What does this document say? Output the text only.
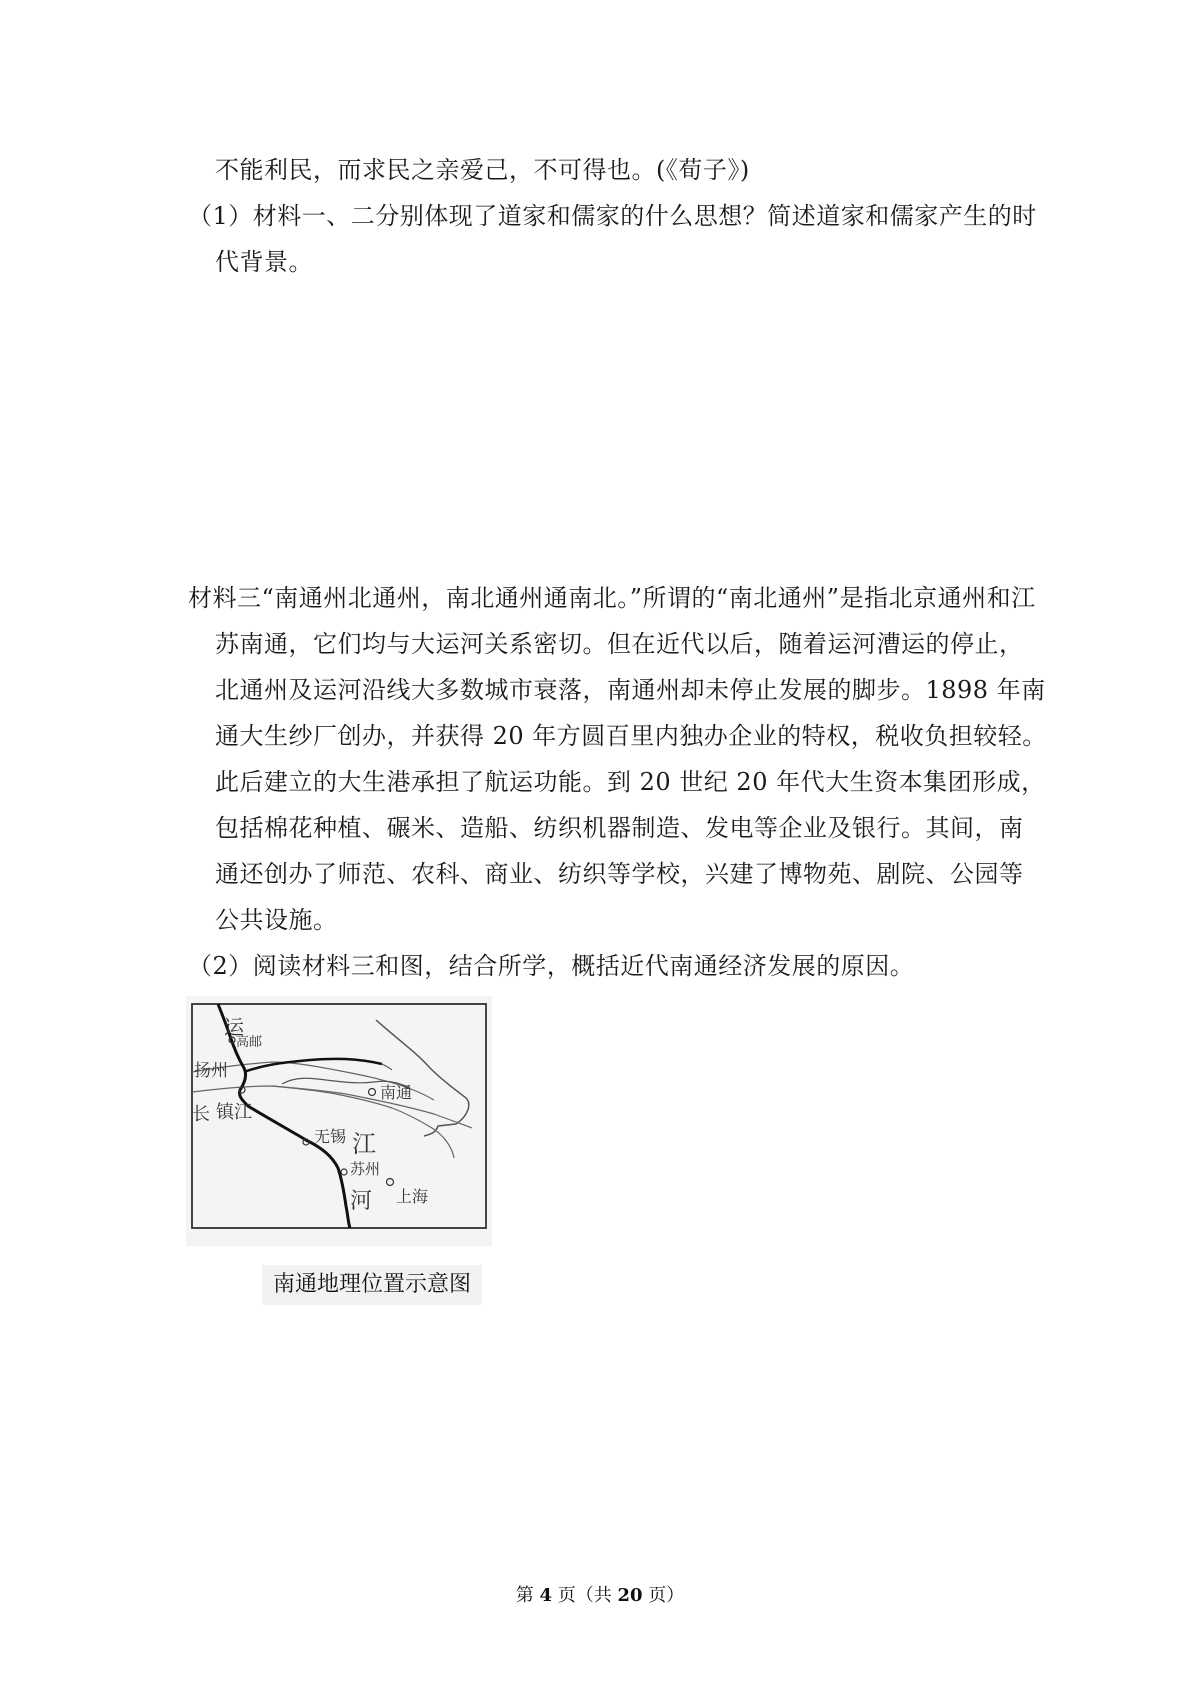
不能利民，而求民之亲爱己，不可得也。(《荀子》)
（1）材料一、二分别体现了道家和儒家的什么思想？简述道家和儒家产生的时
代背景。
材料三“南通州北通州，南北通州通南北。”所谓的“南北通州”是指北京通州和江
苏南通，它们均与大运河关系密切。但在近代以后，随着运河漕运的停止，
北通州及运河沿线大多数城市衰落，南通州却未停止发展的脚步。1898 年南
通大生纱厂创办，并获得 20 年方圆百里内独办企业的特权，税收负担较轻。
此后建立的大生港承担了航运功能。到 20 世纪 20 年代大生资本集团形成，
包括棉花种植、碾米、造船、纺织机器制造、发电等企业及银行。其间，南
通还创办了师范、农科、商业、纺织等学校，兴建了博物苑、剧院、公园等
公共设施。
（2）阅读材料三和图，结合所学，概括近代南通经济发展的原因。
运
高邮
扬州
南通
镇江
长
无锡 江
苏州
河 上海
南通地理位置示意图
第 4 页（共 20 页）
